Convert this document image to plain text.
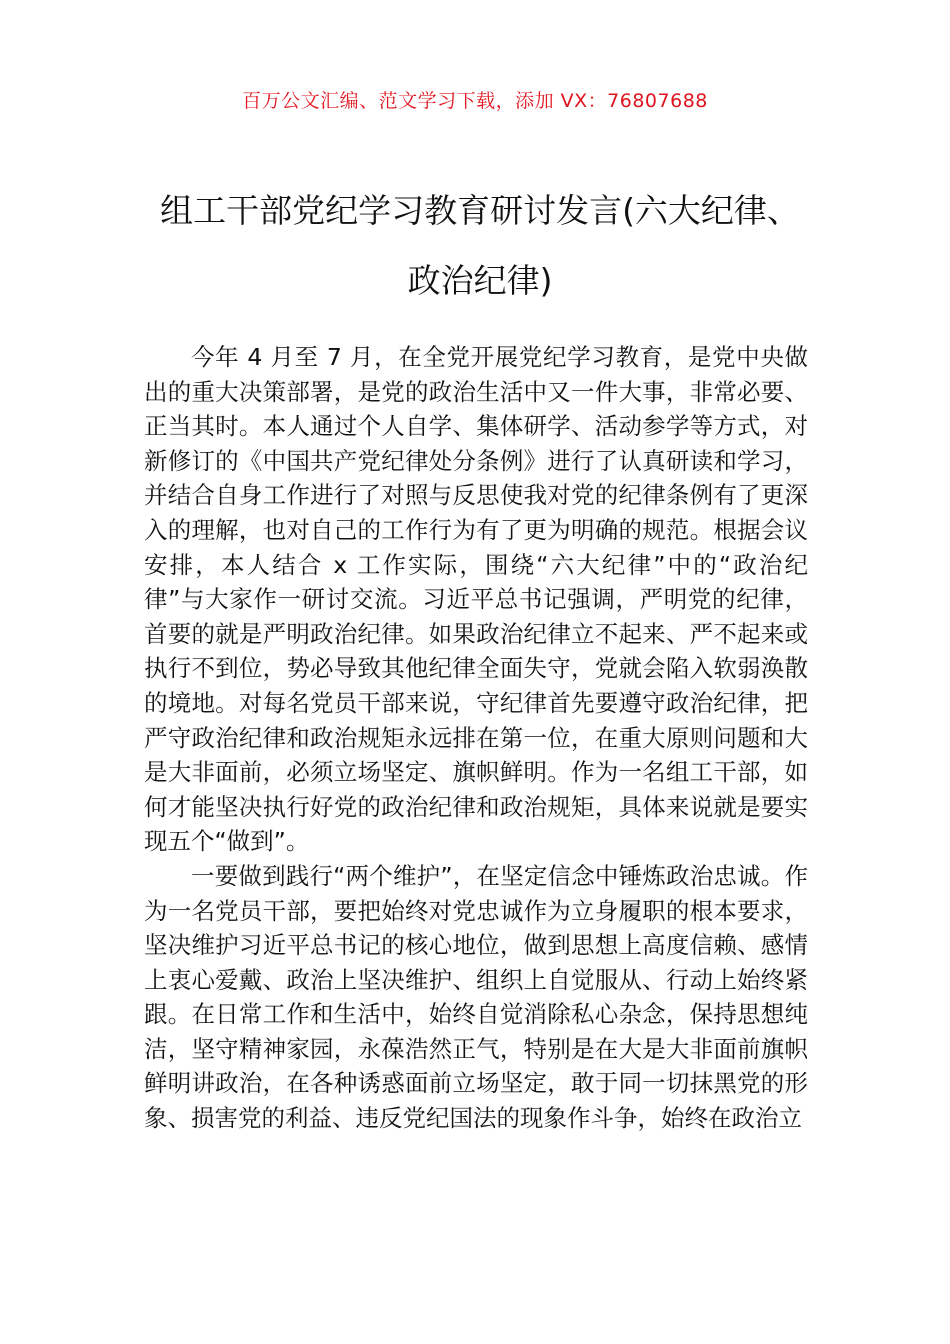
百万公文汇编、范文学习下载，添加 VX：76807688
组工干部党纪学习教育研讨发言(六大纪律、
政治纪律)

今年 4 月至 7 月，在全党开展党纪学习教育，是党中央做出的重大决策部署，是党的政治生活中又一件大事，非常必要、正当其时。本人通过个人自学、集体研学、活动参学等方式，对新修订的《中国共产党纪律处分条例》进行了认真研读和学习，并结合自身工作进行了对照与反思使我对党的纪律条例有了更深入的理解，也对自己的工作行为有了更为明确的规范。根据会议安排，本人结合 x 工作实际，围绕“六大纪律”中的“政治纪律”与大家作一研讨交流。习近平总书记强调，严明党的纪律，首要的就是严明政治纪律。如果政治纪律立不起来、严不起来或执行不到位，势必导致其他纪律全面失守，党就会陷入软弱涣散的境地。对每名党员干部来说，守纪律首先要遵守政治纪律，把严守政治纪律和政治规矩永远排在第一位，在重大原则问题和大是大非面前，必须立场坚定、旗帜鲜明。作为一名组工干部，如何才能坚决执行好党的政治纪律和政治规矩，具体来说就是要实现五个“做到”。

一要做到践行“两个维护”，在坚定信念中锤炼政治忠诚。作为一名党员干部，要把始终对党忠诚作为立身履职的根本要求，坚决维护习近平总书记的核心地位，做到思想上高度信赖、感情上衷心爱戴、政治上坚决维护、组织上自觉服从、行动上始终紧跟。在日常工作和生活中，始终自觉消除私心杂念，保持思想纯洁，坚守精神家园，永葆浩然正气，特别是在大是大非面前旗帜鲜明讲政治，在各种诱惑面前立场坚定，敢于同一切抹黑党的形象、损害党的利益、违反党纪国法的现象作斗争，始终在政治立
